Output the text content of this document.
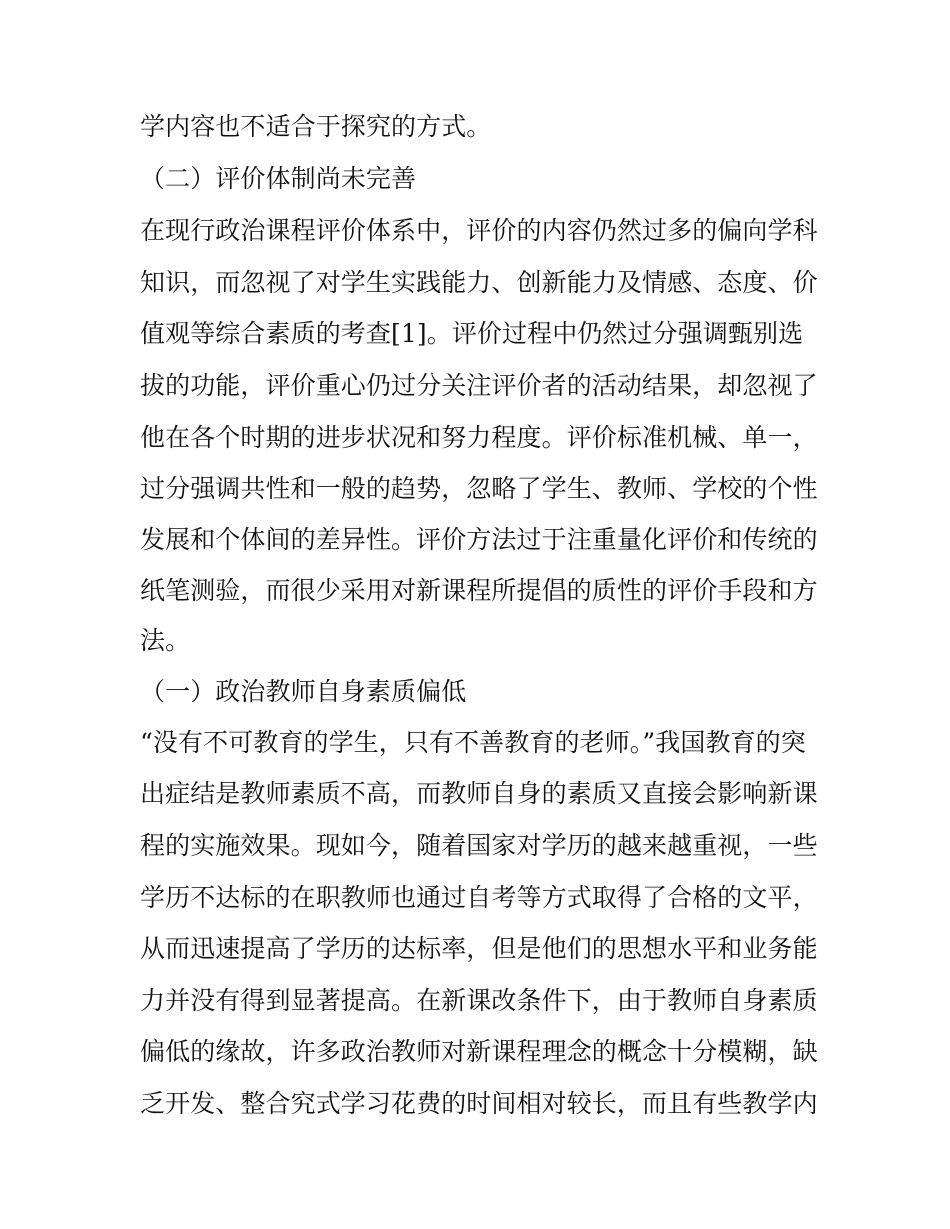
学内容也不适合于探究的方式。
（二）评价体制尚未完善
在现行政治课程评价体系中，评价的内容仍然过多的偏向学科
知识，而忽视了对学生实践能力、创新能力及情感、态度、价
值观等综合素质的考查[1]。评价过程中仍然过分强调甄别选
拔的功能，评价重心仍过分关注评价者的活动结果，却忽视了
他在各个时期的进步状况和努力程度。评价标准机械、单一，
过分强调共性和一般的趋势，忽略了学生、教师、学校的个性
发展和个体间的差异性。评价方法过于注重量化评价和传统的
纸笔测验，而很少采用对新课程所提倡的质性的评价手段和方
法。
（一）政治教师自身素质偏低
“没有不可教育的学生，只有不善教育的老师。”我国教育的突
出症结是教师素质不高，而教师自身的素质又直接会影响新课
程的实施效果。现如今，随着国家对学历的越来越重视，一些
学历不达标的在职教师也通过自考等方式取得了合格的文平，
从而迅速提高了学历的达标率，但是他们的思想水平和业务能
力并没有得到显著提高。在新课改条件下，由于教师自身素质
偏低的缘故，许多政治教师对新课程理念的概念十分模糊，缺
乏开发、整合究式学习花费的时间相对较长，而且有些教学内
